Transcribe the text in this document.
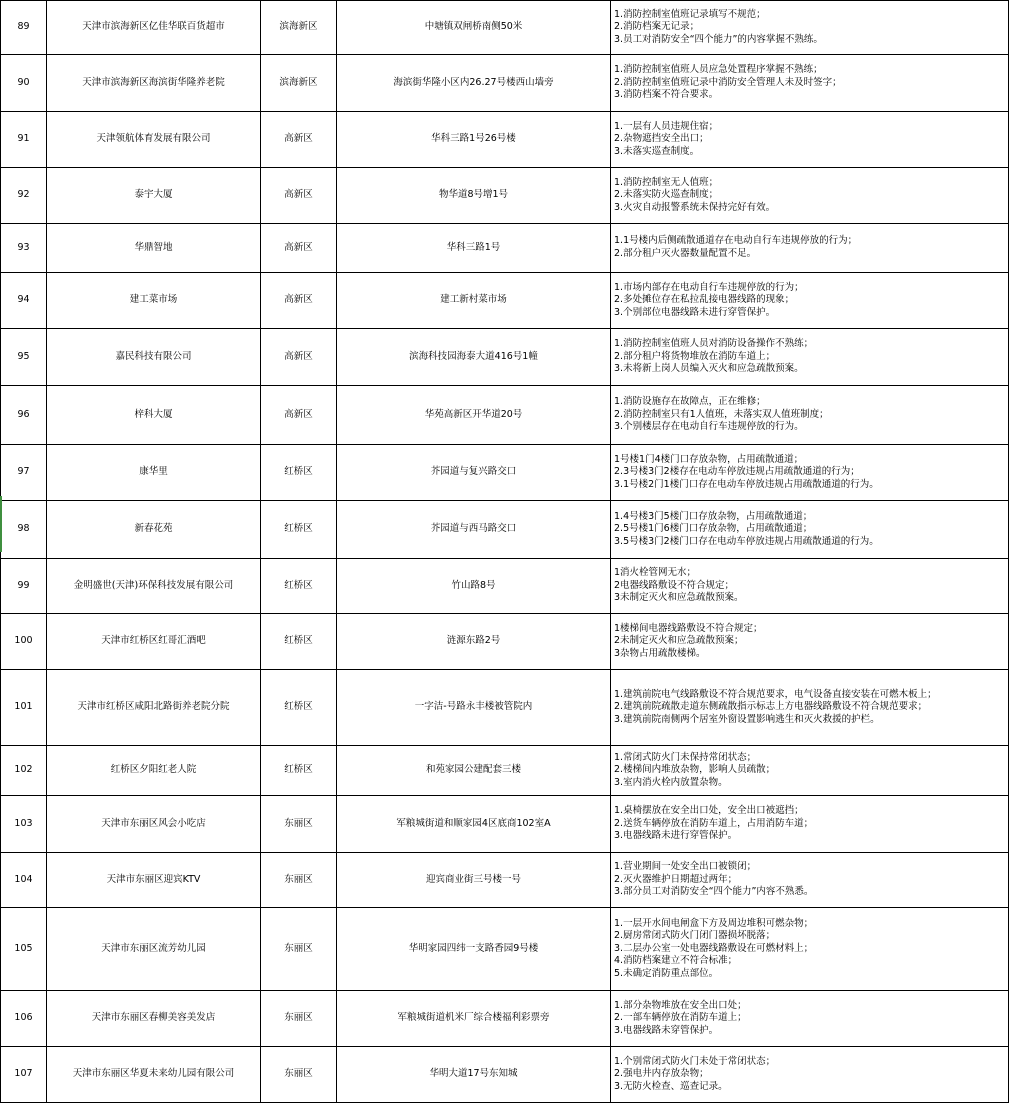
89	天津市滨海新区亿佳华联百货超市	滨海新区	中塘镇双闸桥南侧50米	1.消防控制室值班记录填写不规范；
2.消防档案无记录；
3.员工对消防安全“四个能力”的内容掌握不熟练。

90	天津市滨海新区海滨街华隆养老院	滨海新区	海滨街华隆小区内26.27号楼西山墙旁	1.消防控制室值班人员应急处置程序掌握不熟练；
2.消防控制室值班记录中消防安全管理人未及时签字；
3.消防档案不符合要求。

91	天津领航体育发展有限公司	高新区	华科三路1号26号楼	1.一层有人员违规住宿；
2.杂物遮挡安全出口；
3.未落实巡查制度。

92	泰宇大厦	高新区	物华道8号增1号	1.消防控制室无人值班；
2.未落实防火巡查制度；
3.火灾自动报警系统未保持完好有效。

93	华鼎智地	高新区	华科三路1号	1.1号楼内后侧疏散通道存在电动自行车违规停放的行为；
2.部分租户灭火器数量配置不足。

94	建工菜市场	高新区	建工新村菜市场	1.市场内部存在电动自行车违规停放的行为；
2.多处摊位存在私拉乱接电器线路的现象；
3.个别部位电器线路未进行穿管保护。

95	嘉民科技有限公司	高新区	滨海科技园海泰大道416号1幢	1.消防控制室值班人员对消防设备操作不熟练；
2.部分租户将货物堆放在消防车道上；
3.未将新上岗人员编入灭火和应急疏散预案。

96	梓科大厦	高新区	华苑高新区开华道20号	1.消防设施存在故障点，正在维修；
2.消防控制室只有1人值班，未落实双人值班制度；
3.个别楼层存在电动自行车违规停放的行为。

97	康华里	红桥区	芥园道与复兴路交口	1号楼1门4楼门口存放杂物，占用疏散通道；
2.3号楼3门2楼存在电动车停放违规占用疏散通道的行为；
3.1号楼2门1楼门口存在电动车停放违规占用疏散通道的行为。

98	新春花苑	红桥区	芥园道与西马路交口	1.4号楼3门5楼门口存放杂物，占用疏散通道；
2.5号楼1门6楼门口存放杂物，占用疏散通道；
3.5号楼3门2楼门口存在电动车停放违规占用疏散通道的行为。

99	金明盛世(天津)环保科技发展有限公司	红桥区	竹山路8号	1消火栓管网无水；
2电器线路敷设不符合规定；
3未制定灭火和应急疏散预案。

100	天津市红桥区红哥汇酒吧	红桥区	涟源东路2号	1楼梯间电器线路敷设不符合规定；
2未制定灭火和应急疏散预案；
3杂物占用疏散楼梯。

101	天津市红桥区咸阳北路街养老院分院	红桥区	一字洁-号路永丰楼被管院内	1.建筑前院电气线路敷设不符合规范要求，电气设备直接安装在可燃木板上；
2.建筑前院疏散走道东侧疏散指示标志上方电器线路敷设不符合规范要求；
3.建筑前院南侧两个居室外窗设置影响逃生和灭火救援的护栏。

102	红桥区夕阳红老人院	红桥区	和苑家园公建配套三楼	1.常闭式防火门未保持常闭状态；
2.楼梯间内堆放杂物，影响人员疏散；
3.室内消火栓内放置杂物。

103	天津市东丽区风会小吃店	东丽区	军粮城街道和顺家园4区底商102室A	1.桌椅摆放在安全出口处，安全出口被遮挡；
2.送货车辆停放在消防车道上，占用消防车道；
3.电器线路未进行穿管保护。

104	天津市东丽区迎宾KTV	东丽区	迎宾商业街三号楼一号	1.营业期间一处安全出口被锁闭；
2.灭火器维护日期超过两年；
3.部分员工对消防安全“四个能力”内容不熟悉。

105	天津市东丽区流芳幼儿园	东丽区	华明家园四纬一支路香园9号楼	1.一层开水间电闸盒下方及周边堆积可燃杂物；
2.厨房常闭式防火门闭门器损坏脱落；
3.二层办公室一处电器线路敷设在可燃材料上；
4.消防档案建立不符合标准；
5.未确定消防重点部位。

106	天津市东丽区春柳美容美发店	东丽区	军粮城街道机米厂综合楼福利彩票旁	1.部分杂物堆放在安全出口处；
2.一部车辆停放在消防车道上；
3.电器线路未穿管保护。

107	天津市东丽区华夏未来幼儿园有限公司	东丽区	华明大道17号东知城	1.个别常闭式防火门未处于常闭状态；
2.强电井内存放杂物；
3.无防火检查、巡查记录。
